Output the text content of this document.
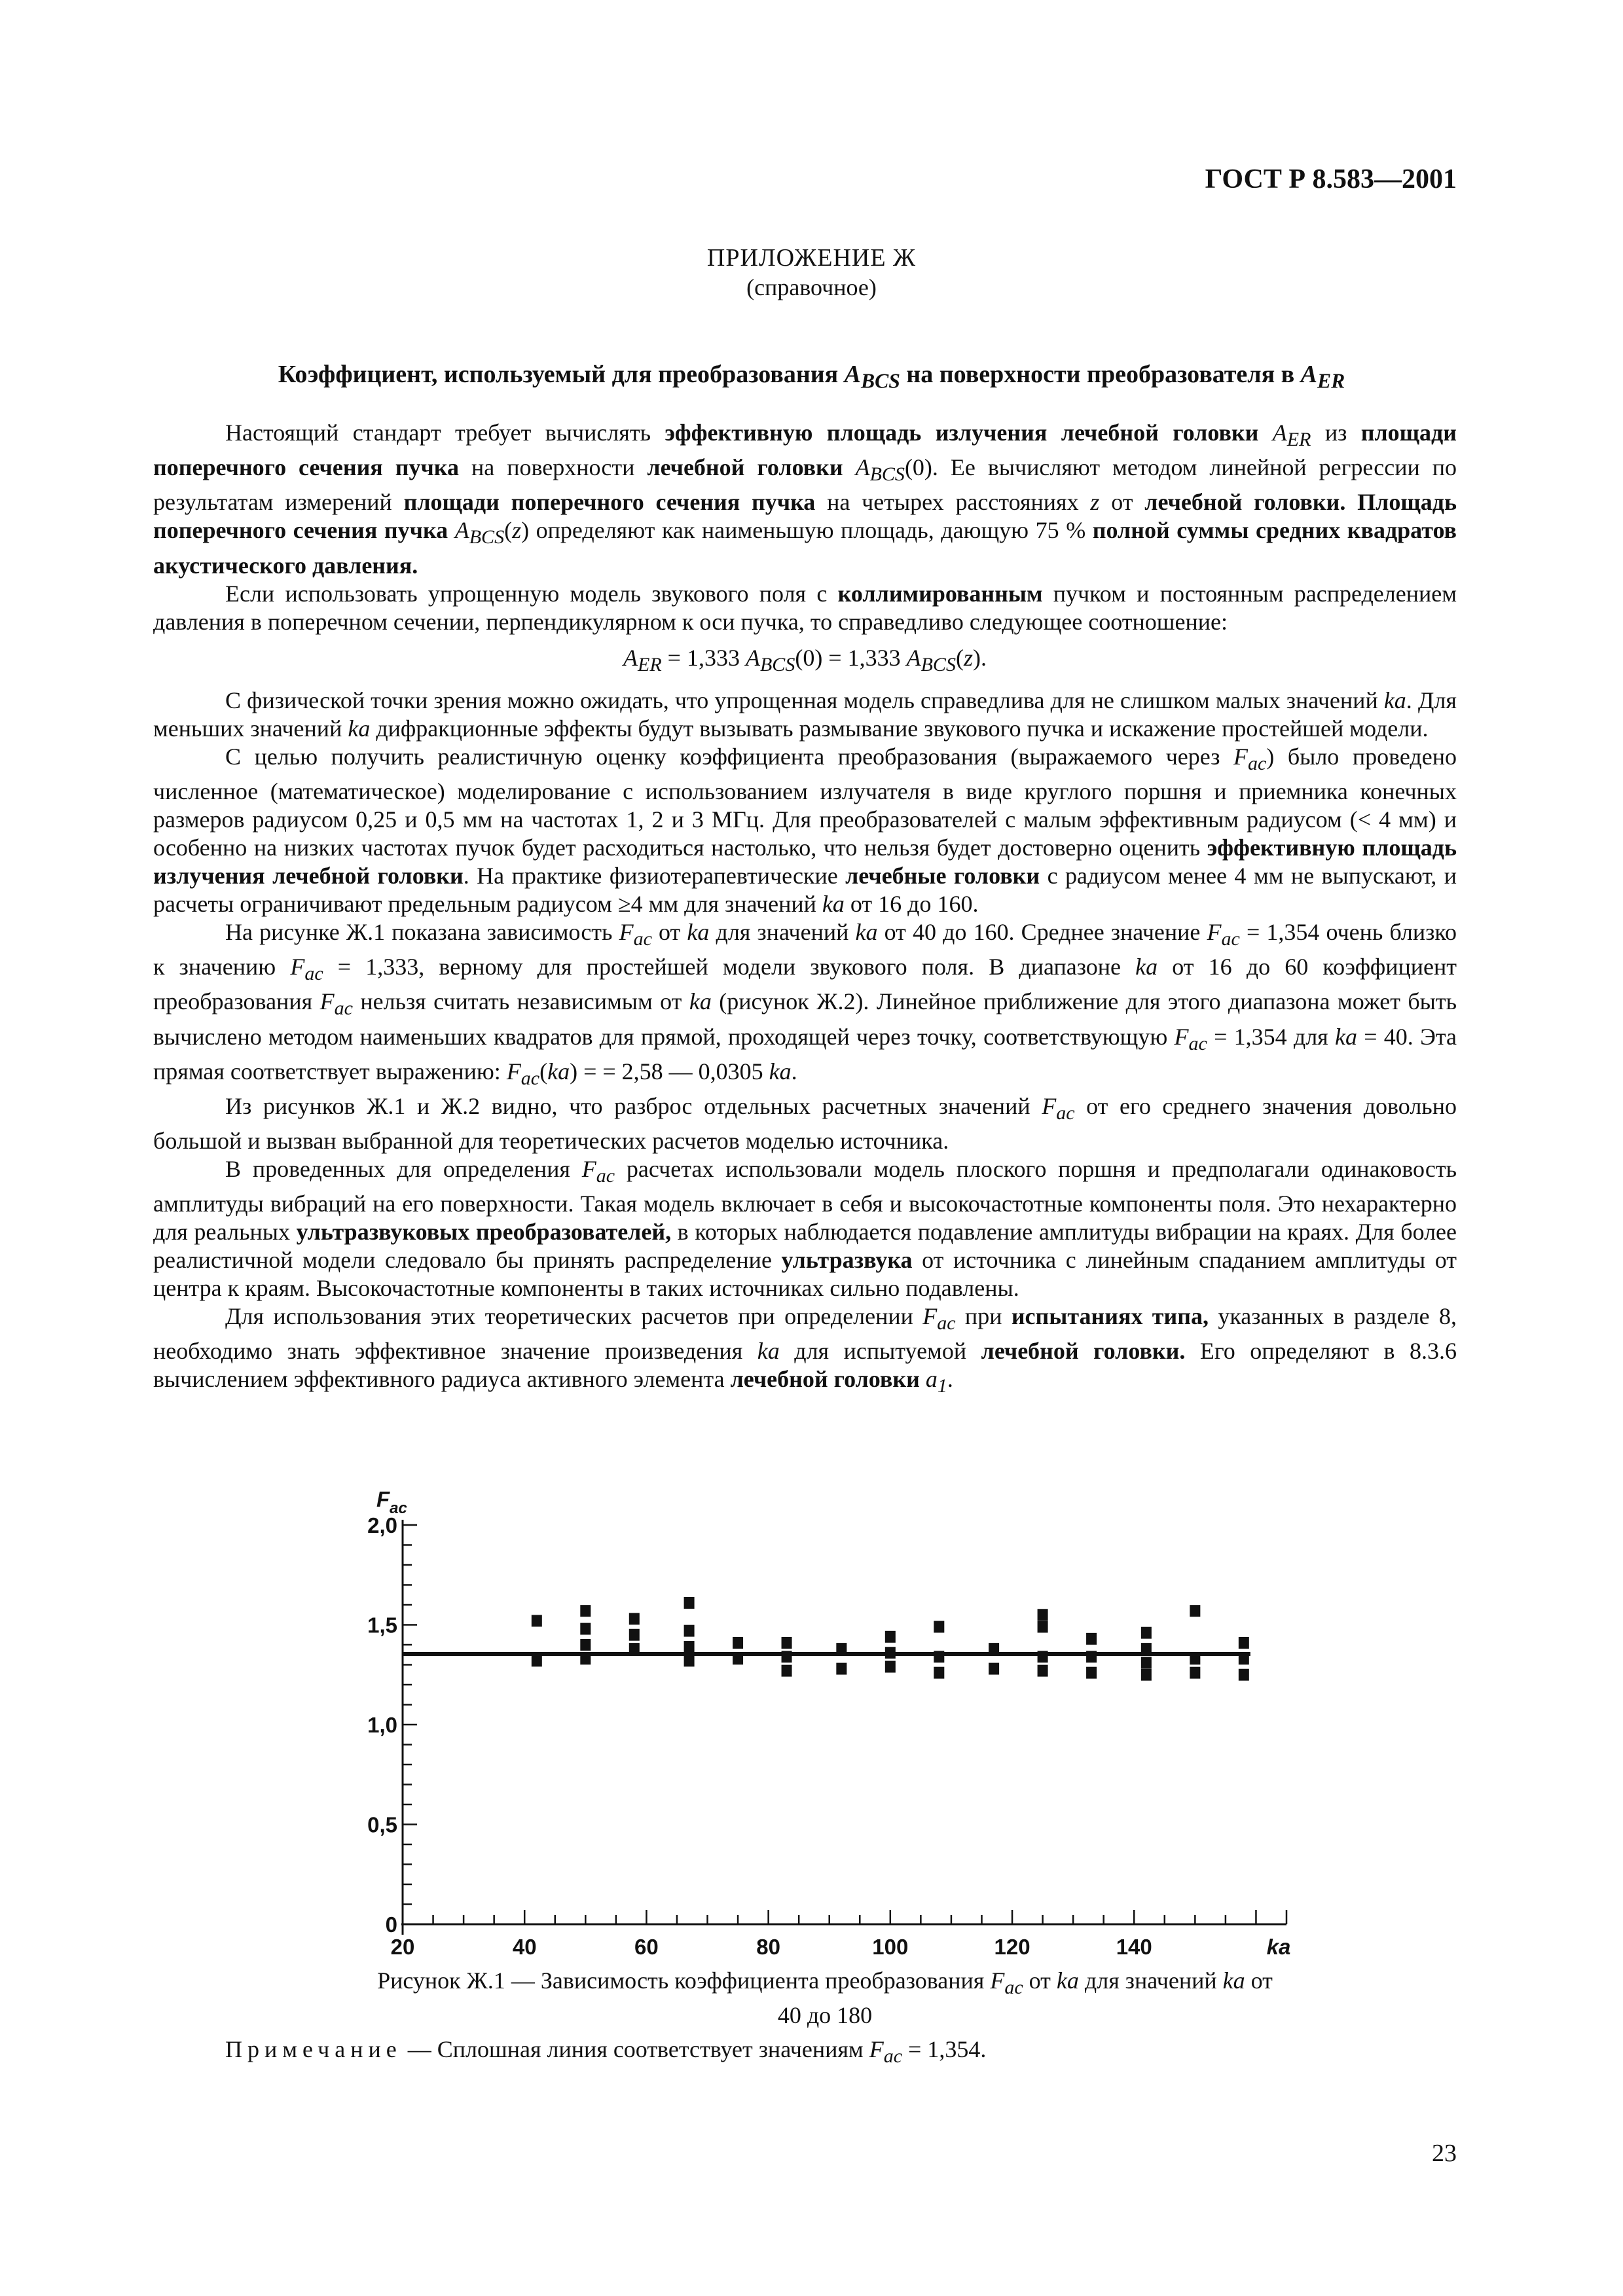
ГОСТ Р 8.583—2001
ПРИЛОЖЕНИЕ Ж
(справочное)
Коэффициент, используемый для преобразования $A_{BCS}$ на поверхности преобразователя в $A_{ER}$

Настоящий стандарт требует вычислять эффективную площадь излучения лечебной головки $A_{ER}$ из площади поперечного сечения пучка на поверхности лечебной головки $A_{BCS}(0)$. Ее вычисляют методом линейной регрессии по результатам измерений площади поперечного сечения пучка на четырех расстояниях z от лечебной головки. Площадь поперечного сечения пучка $A_{BCS}(z)$ определяют как наименьшую площадь, дающую 75 % полной суммы средних квадратов акустического давления.

Если использовать упрощенную модель звукового поля с коллимированным пучком и постоянным распределением давления в поперечном сечении, перпендикулярном к оси пучка, то справедливо следующее соотношение:

$A_{ER} = 1,333$ $A_{BCS}(0) = 1,333$ $A_{BCS}(z)$.

С физической точки зрения можно ожидать, что упрощенная модель справедлива для не слишком малых значений ka. Для меньших значений ka дифракционные эффекты будут вызывать размывание звукового пучка и искажение простейшей модели.

С целью получить реалистичную оценку коэффициента преобразования (выражаемого через $F_{ac}$) было проведено численное (математическое) моделирование с использованием излучателя в виде круглого поршня и приемника конечных размеров радиусом 0,25 и 0,5 мм на частотах 1, 2 и 3 МГц. Для преобразователей с малым эффективным радиусом (< 4 мм) и особенно на низких частотах пучок будет расходиться настолько, что нельзя будет достоверно оценить эффективную площадь излучения лечебной головки. На практике физиотерапевтические лечебные головки с радиусом менее 4 мм не выпускают, и расчеты ограничивают предельным радиусом ≥4 мм для значений ka от 16 до 160.

На рисунке Ж.1 показана зависимость $F_{ac}$ от ka для значений ka от 40 до 160. Среднее значение $F_{ac} = 1,354$ очень близко к значению $F_{ac} = 1,333$, верному для простейшей модели звукового поля. В диапазоне ka от 16 до 60 коэффициент преобразования $F_{ac}$ нельзя считать независимым от ka (рисунок Ж.2). Линейное приближение для этого диапазона может быть вычислено методом наименьших квадратов для прямой, проходящей через точку, соответствующую $F_{ac} = 1,354$ для ka = 40. Эта прямая соответствует выражению: $F_{ac}(ka)$ = = 2,58 — 0,0305 ka.

Из рисунков Ж.1 и Ж.2 видно, что разброс отдельных расчетных значений $F_{ac}$ от его среднего значения довольно большой и вызван выбранной для теоретических расчетов моделью источника.

В проведенных для определения $F_{ac}$ расчетах использовали модель плоского поршня и предполагали одинаковость амплитуды вибраций на его поверхности. Такая модель включает в себя и высокочастотные компоненты поля. Это нехарактерно для реальных ультразвуковых преобразователей, в которых наблюдается подавление амплитуды вибрации на краях. Для более реалистичной модели следовало бы принять распределение ультразвука от источника с линейным спаданием амплитуды от центра к краям. Высокочастотные компоненты в таких источниках сильно подавлены.

Для использования этих теоретических расчетов при определении $F_{ac}$ при испытаниях типа, указанных в разделе 8, необходимо знать эффективное значение произведения ka для испытуемой лечебной головки. Его определяют в 8.3.6 вычислением эффективного радиуса активного элемента лечебной головки $a_1$.

0
0,5
1,0
1,5
2,0
20	40	60	80	100	120	140	ka
$F_{ac}$
Рисунок Ж.1 — Зависимость коэффициента преобразования $F_{ac}$ от ka для значений ka от 40 до 180
Примечание — Сплошная линия соответствует значениям $F_{ac} = 1,354$.
23
